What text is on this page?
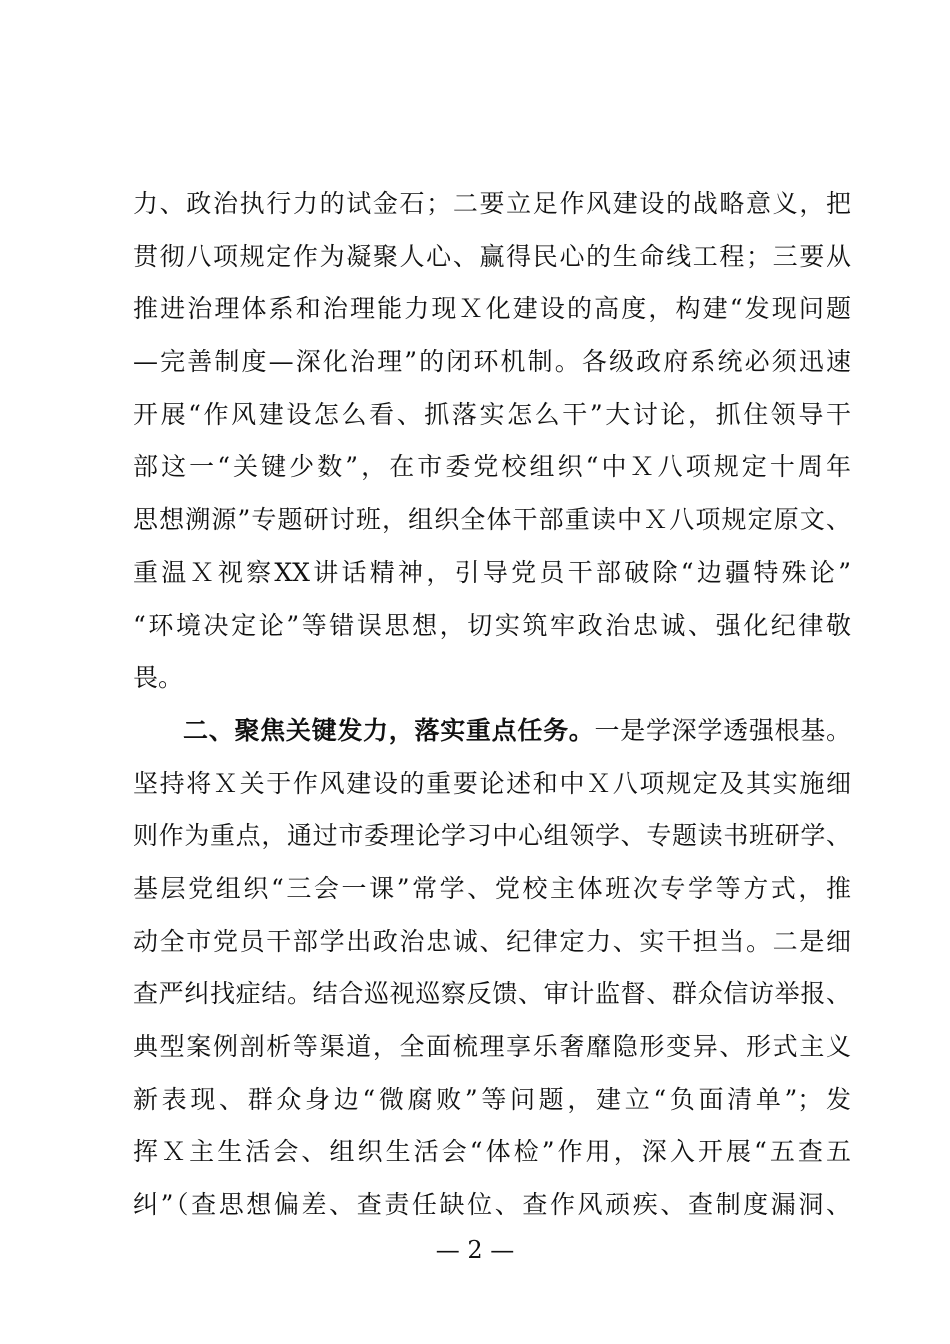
力、政治执行力的试金石；二要立足作风建设的战略意义，把
贯彻八项规定作为凝聚人心、赢得民心的生命线工程；三要从
推进治理体系和治理能力现Ｘ化建设的高度，构建“发现问题
—完善制度—深化治理”的闭环机制。各级政府系统必须迅速
开展“作风建设怎么看、抓落实怎么干”大讨论，抓住领导干
部这一“关键少数”，在市委党校组织“中Ｘ八项规定十周年
思想溯源”专题研讨班，组织全体干部重读中Ｘ八项规定原文、
重温Ｘ视察XX讲话精神，引导党员干部破除“边疆特殊论”
“环境决定论”等错误思想，切实筑牢政治忠诚、强化纪律敬
畏。
二、聚焦关键发力，落实重点任务。一是学深学透强根基。
坚持将Ｘ关于作风建设的重要论述和中Ｘ八项规定及其实施细
则作为重点，通过市委理论学习中心组领学、专题读书班研学、
基层党组织“三会一课”常学、党校主体班次专学等方式，推
动全市党员干部学出政治忠诚、纪律定力、实干担当。二是细
查严纠找症结。结合巡视巡察反馈、审计监督、群众信访举报、
典型案例剖析等渠道，全面梳理享乐奢靡隐形变异、形式主义
新表现、群众身边“微腐败”等问题，建立“负面清单”；发
挥Ｘ主生活会、组织生活会“体检”作用，深入开展“五查五
纠”（查思想偏差、查责任缺位、查作风顽疾、查制度漏洞、
— 2 —
